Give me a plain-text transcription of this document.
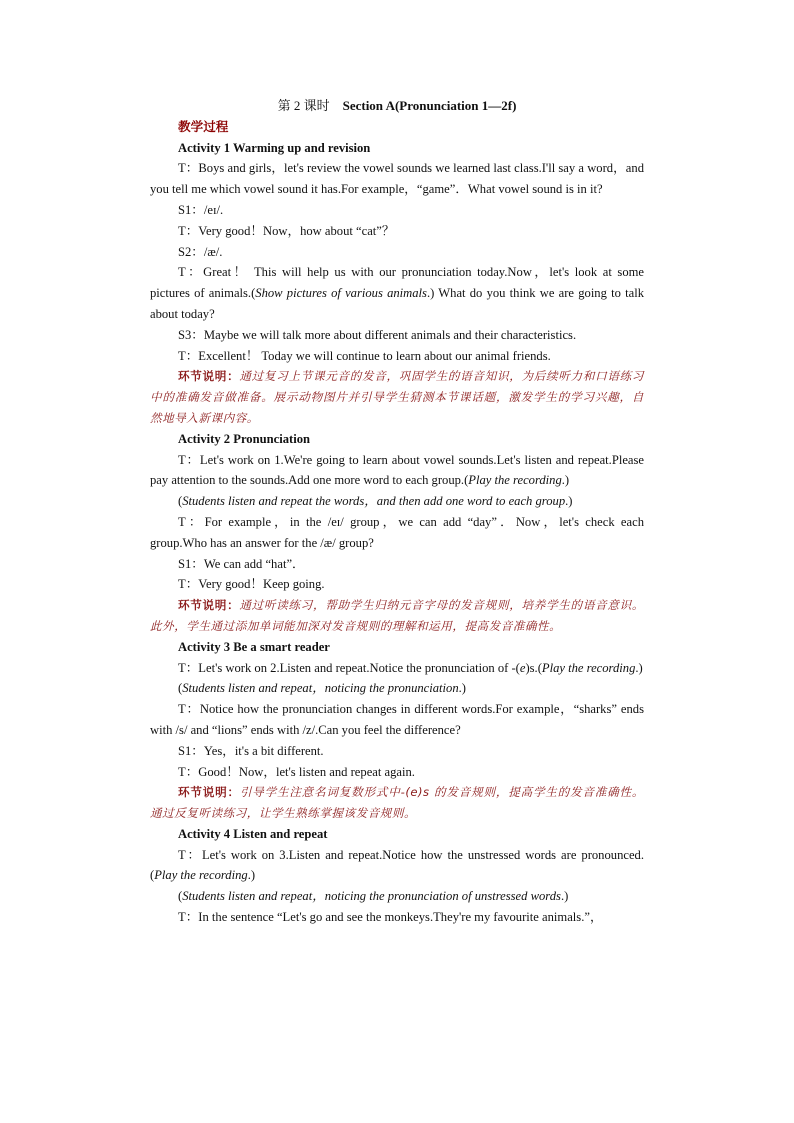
第 2 课时 Section A(Pronunciation 1—2f)

教学过程

Activity 1 Warming up and revision

T：Boys and girls，let's review the vowel sounds we learned last class.I'll say a word，and you tell me which vowel sound it has.For example，“game”．What vowel sound is in it?

S1：/eɪ/.

T：Very good！Now，how about “cat”？

S2：/æ/.

T：Great！ This will help us with our pronunciation today.Now，let's look at some pictures of animals.(Show pictures of various animals.) What do you think we are going to talk about today?

S3：Maybe we will talk more about different animals and their characteristics.

T：Excellent！ Today we will continue to learn about our animal friends.

环节说明：通过复习上节课元音的发音，巩固学生的语音知识，为后续听力和口语练习中的准确发音做准备。展示动物图片并引导学生猜测本节课话题，激发学生的学习兴趣，自然地导入新课内容。

Activity 2 Pronunciation

T：Let's work on 1.We're going to learn about vowel sounds.Let's listen and repeat.Please pay attention to the sounds.Add one more word to each group.(Play the recording.)

(Students listen and repeat the words，and then add one word to each group.)

T：For example，in the /eɪ/ group，we can add “day”．Now，let's check each group.Who has an answer for the /æ/ group?

S1：We can add “hat”．

T：Very good！Keep going.

环节说明：通过听读练习，帮助学生归纳元音字母的发音规则，培养学生的语音意识。此外，学生通过添加单词能加深对发音规则的理解和运用，提高发音准确性。

Activity 3 Be a smart reader

T：Let's work on 2.Listen and repeat.Notice the pronunciation of -(e)s.(Play the recording.)

(Students listen and repeat，noticing the pronunciation.)

T：Notice how the pronunciation changes in different words.For example，“sharks” ends with /s/ and “lions” ends with /z/.Can you feel the difference?

S1：Yes，it's a bit different.

T：Good！Now，let's listen and repeat again.

环节说明：引导学生注意名词复数形式中-(e)s 的发音规则，提高学生的发音准确性。通过反复听读练习，让学生熟练掌握该发音规则。

Activity 4 Listen and repeat

T：Let's work on 3.Listen and repeat.Notice how the unstressed words are pronounced.(Play the recording.)

(Students listen and repeat，noticing the pronunciation of unstressed words.)

T：In the sentence “Let's go and see the monkeys.They're my favourite animals.”，
